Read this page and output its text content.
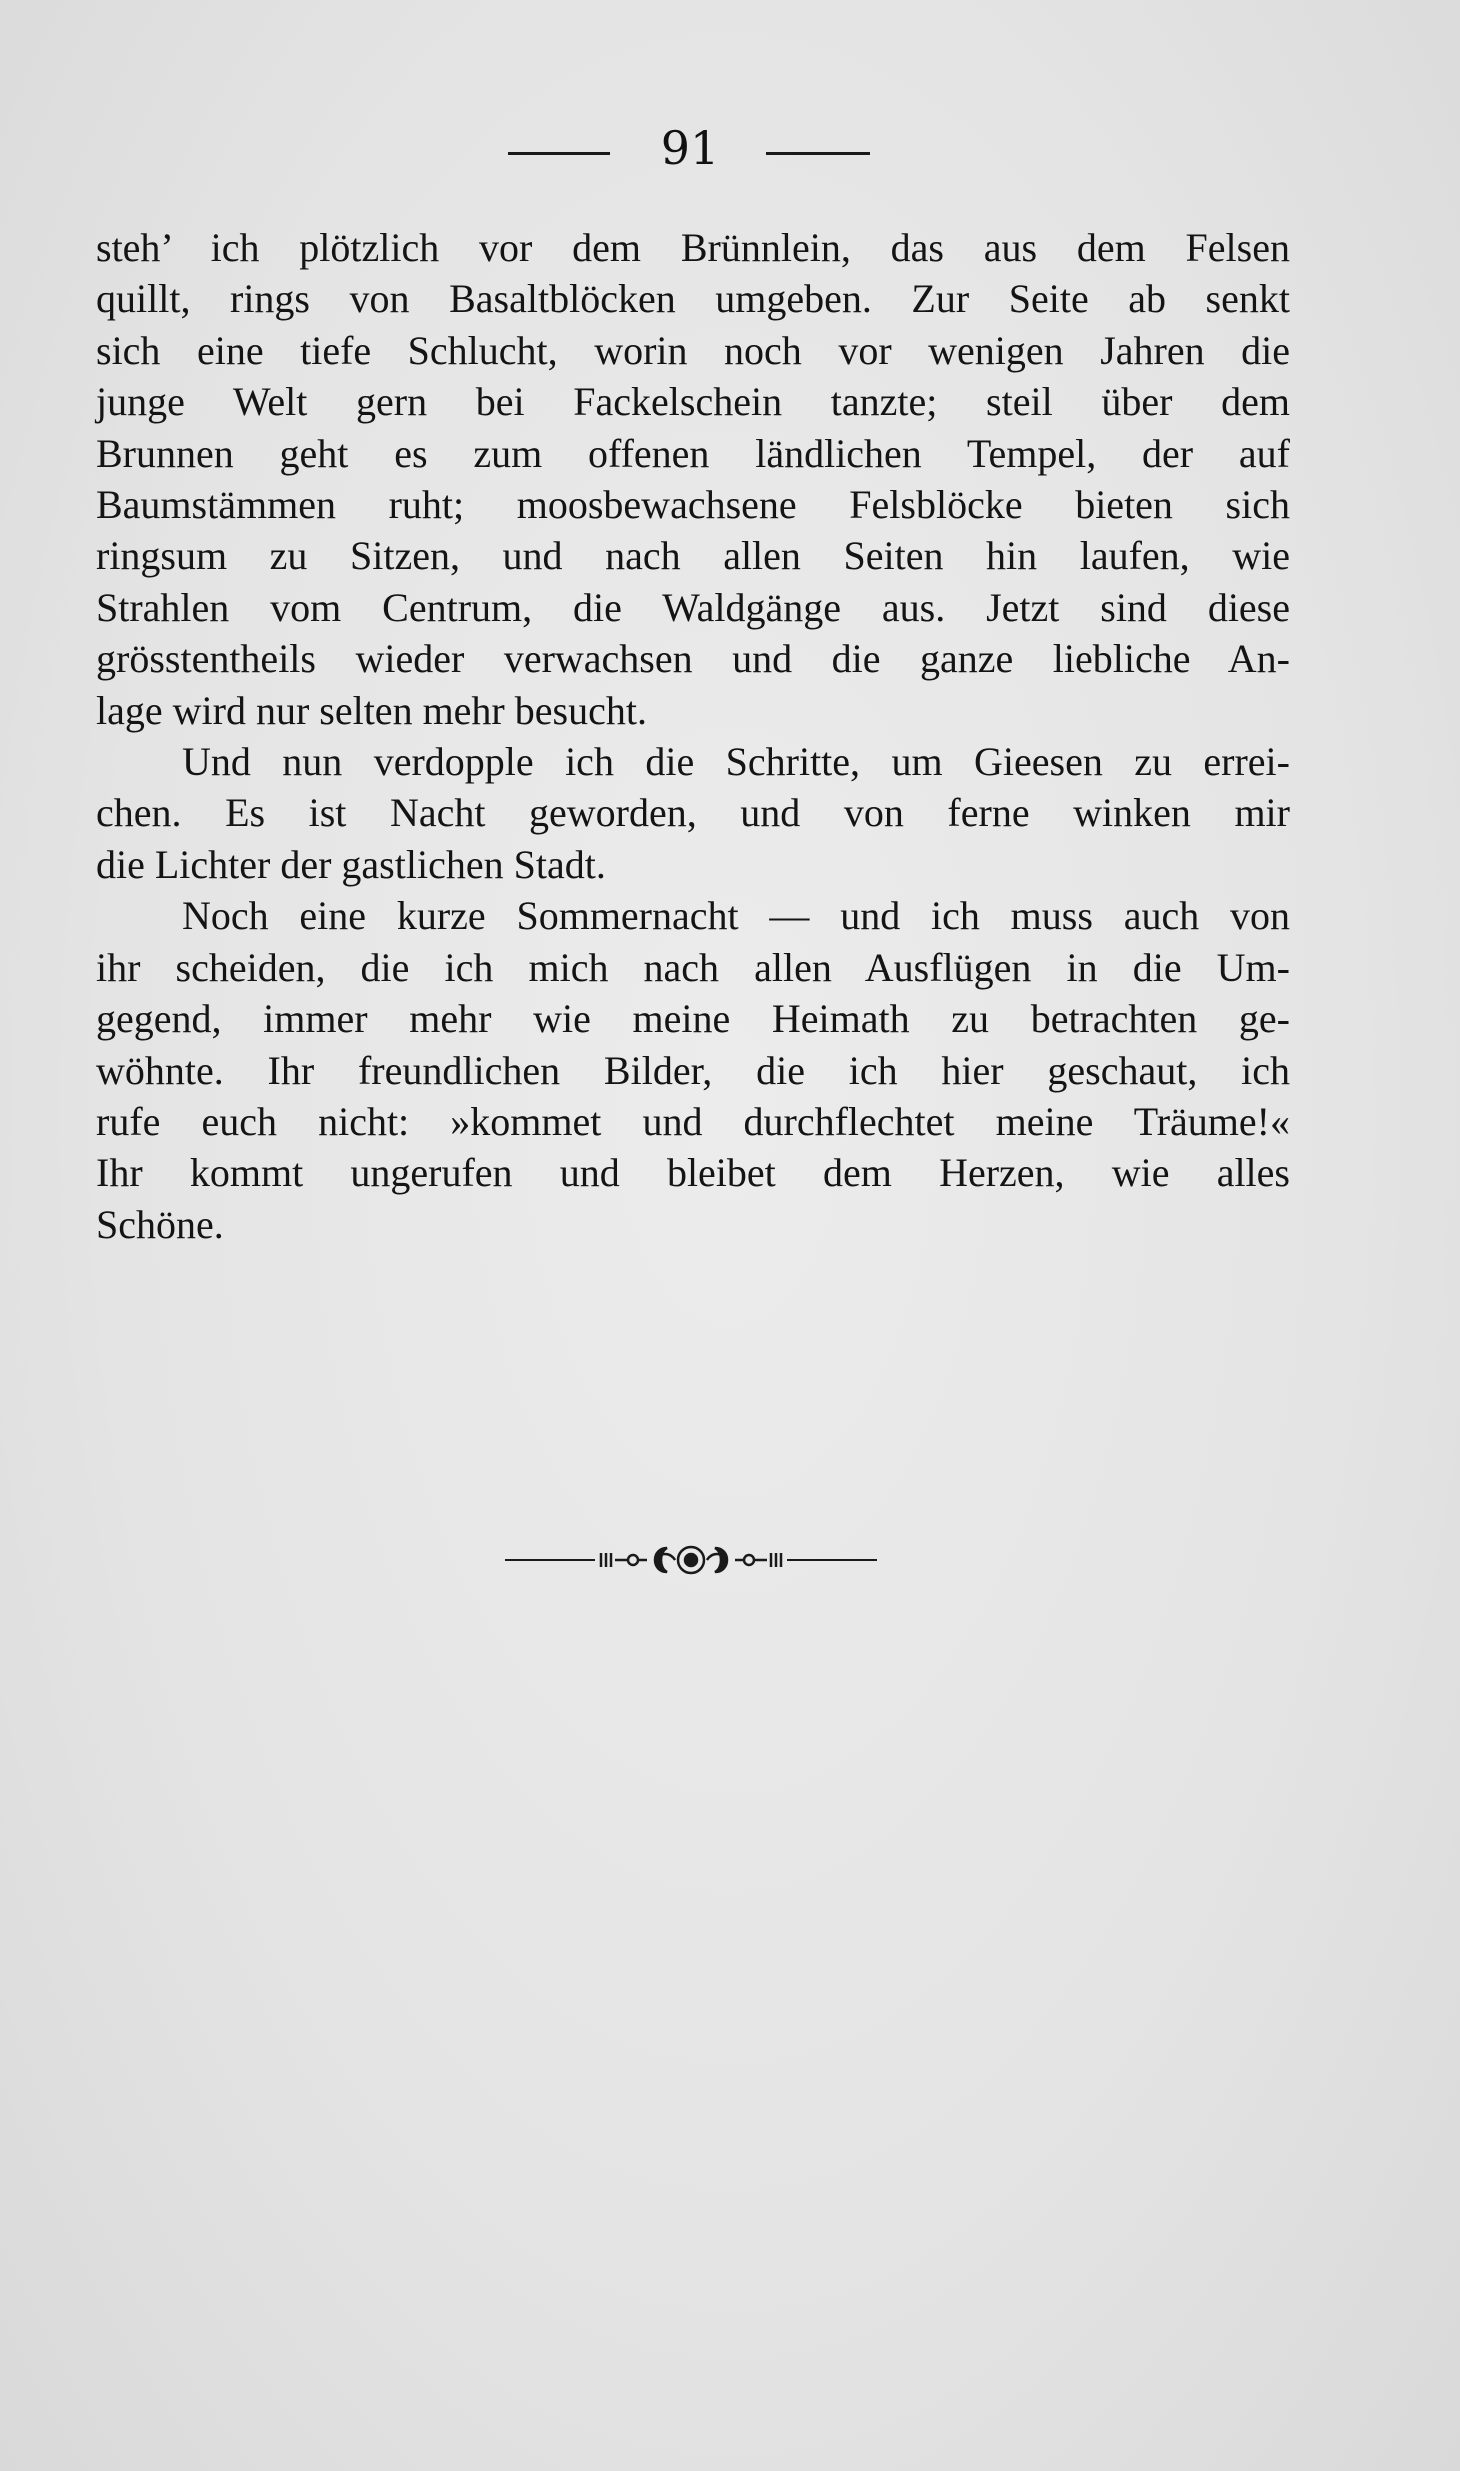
91
steh’ ich plötzlich vor dem Brünnlein, das aus dem Felsen
quillt, rings von Basaltblöcken umgeben. Zur Seite ab senkt
sich eine tiefe Schlucht, worin noch vor wenigen Jahren die
junge Welt gern bei Fackelschein tanzte; steil über dem
Brunnen geht es zum offenen ländlichen Tempel, der auf
Baumstämmen ruht; moosbewachsene Felsblöcke bieten sich
ringsum zu Sitzen, und nach allen Seiten hin laufen, wie
Strahlen vom Centrum, die Waldgänge aus. Jetzt sind diese
grösstentheils wieder verwachsen und die ganze liebliche An-
lage wird nur selten mehr besucht.
Und nun verdopple ich die Schritte, um Gieesen zu errei-
chen. Es ist Nacht geworden, und von ferne winken mir
die Lichter der gastlichen Stadt.
Noch eine kurze Sommernacht — und ich muss auch von
ihr scheiden, die ich mich nach allen Ausflügen in die Um-
gegend, immer mehr wie meine Heimath zu betrachten ge-
wöhnte. Ihr freundlichen Bilder, die ich hier geschaut, ich
rufe euch nicht: »kommet und durchflechtet meine Träume!«
Ihr kommt ungerufen und bleibet dem Herzen, wie alles
Schöne.
